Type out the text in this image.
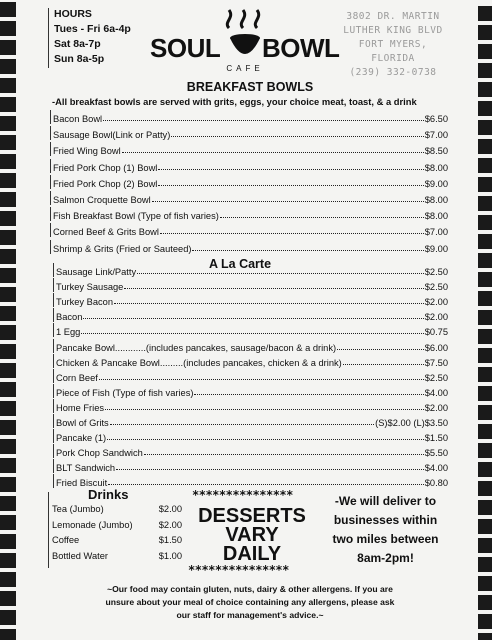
HOURS
Tues - Fri 6a-4p
Sat 8a-7p
Sun 8a-5p	SOUL BOWL
CAFE
3802 DR. MARTIN
LUTHER KING BLVD
FORT MYERS,
FLORIDA
(239) 332-0738
BREAKFAST BOWLS
-All breakfast bowls are served with grits, eggs, your choice meat, toast, & a drink
Bacon Bowl	$6.50
Sausage Bowl(Link or Patty)	$7.00
Fried Wing Bowl	$8.50
Fried Pork Chop (1) Bowl	$8.00
Fried Pork Chop (2) Bowl	$9.00
Salmon Croquette Bowl	$8.00
Fish Breakfast Bowl (Type of fish varies)	$8.00
Corned Beef & Grits Bowl	$7.00
Shrimp & Grits (Fried or Sauteed)	$9.00
A La Carte
Sausage Link/Patty	$2.50
Turkey Sausage	$2.50
Turkey Bacon	$2.00
Bacon	$2.00
1 Egg	$0.75
Pancake Bowl............(includes pancakes, sausage/bacon & a drink)	$6.00
Chicken & Pancake Bowl.........(includes pancakes, chicken & a drink)	$7.50
Corn Beef	$2.50
Piece of Fish (Type of fish varies)	$4.00
Home Fries	$2.00
Bowl of Grits	(S)$2.00 (L)$3.50
Pancake (1)	$1.50
Pork Chop Sandwich	$5.50
BLT Sandwich	$4.00
Fried Biscuit	$0.80
Drinks
Tea (Jumbo)	$2.00
Lemonade (Jumbo)	$2.00
Coffee	$1.50
Bottled Water	$1.00
***************
DESSERTS
VARY
DAILY
***************
-We will deliver to businesses within two miles between 8am-2pm!
~Our food may contain gluten, nuts, dairy & other allergens. If you are unsure about your meal of choice containing any allergens, please ask our staff for management's advice.~
